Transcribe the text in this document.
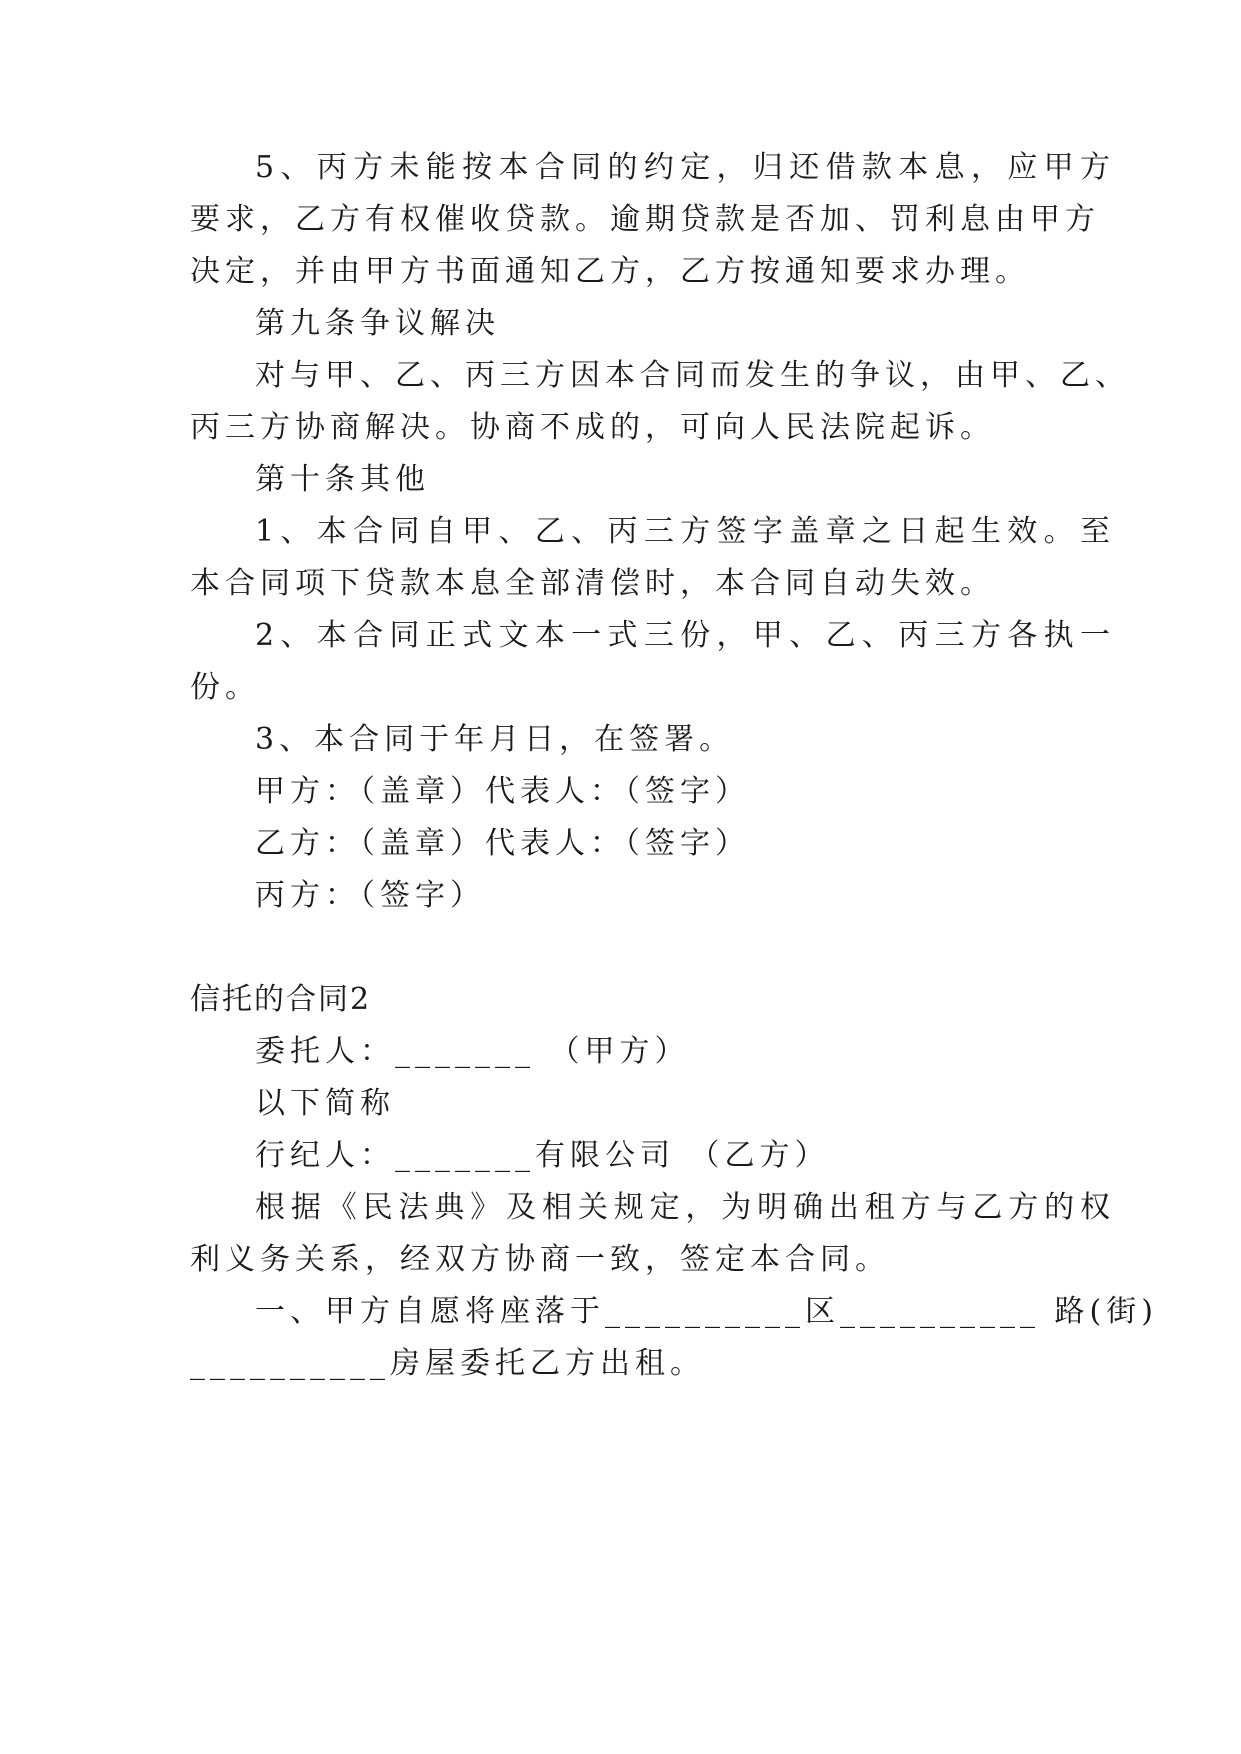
5、丙方未能按本合同的约定，归还借款本息，应甲方
要求，乙方有权催收贷款。逾期贷款是否加、罚利息由甲方
决定，并由甲方书面通知乙方，乙方按通知要求办理。
第九条争议解决
对与甲、乙、丙三方因本合同而发生的争议，由甲、乙、
丙三方协商解决。协商不成的，可向人民法院起诉。
第十条其他
1、本合同自甲、乙、丙三方签字盖章之日起生效。至
本合同项下贷款本息全部清偿时，本合同自动失效。
2、本合同正式文本一式三份，甲、乙、丙三方各执一
份。
3、本合同于年月日，在签署。
甲方：（盖章）代表人：（签字）
乙方：（盖章）代表人：（签字）
丙方：（签字）
信托的合同2
委托人：_______ （甲方）
以下简称
行纪人：_______有限公司 （乙方）
根据《民法典》及相关规定，为明确出租方与乙方的权
利义务关系，经双方协商一致，签定本合同。
一、甲方自愿将座落于__________区__________ 路(街)
__________房屋委托乙方出租。
